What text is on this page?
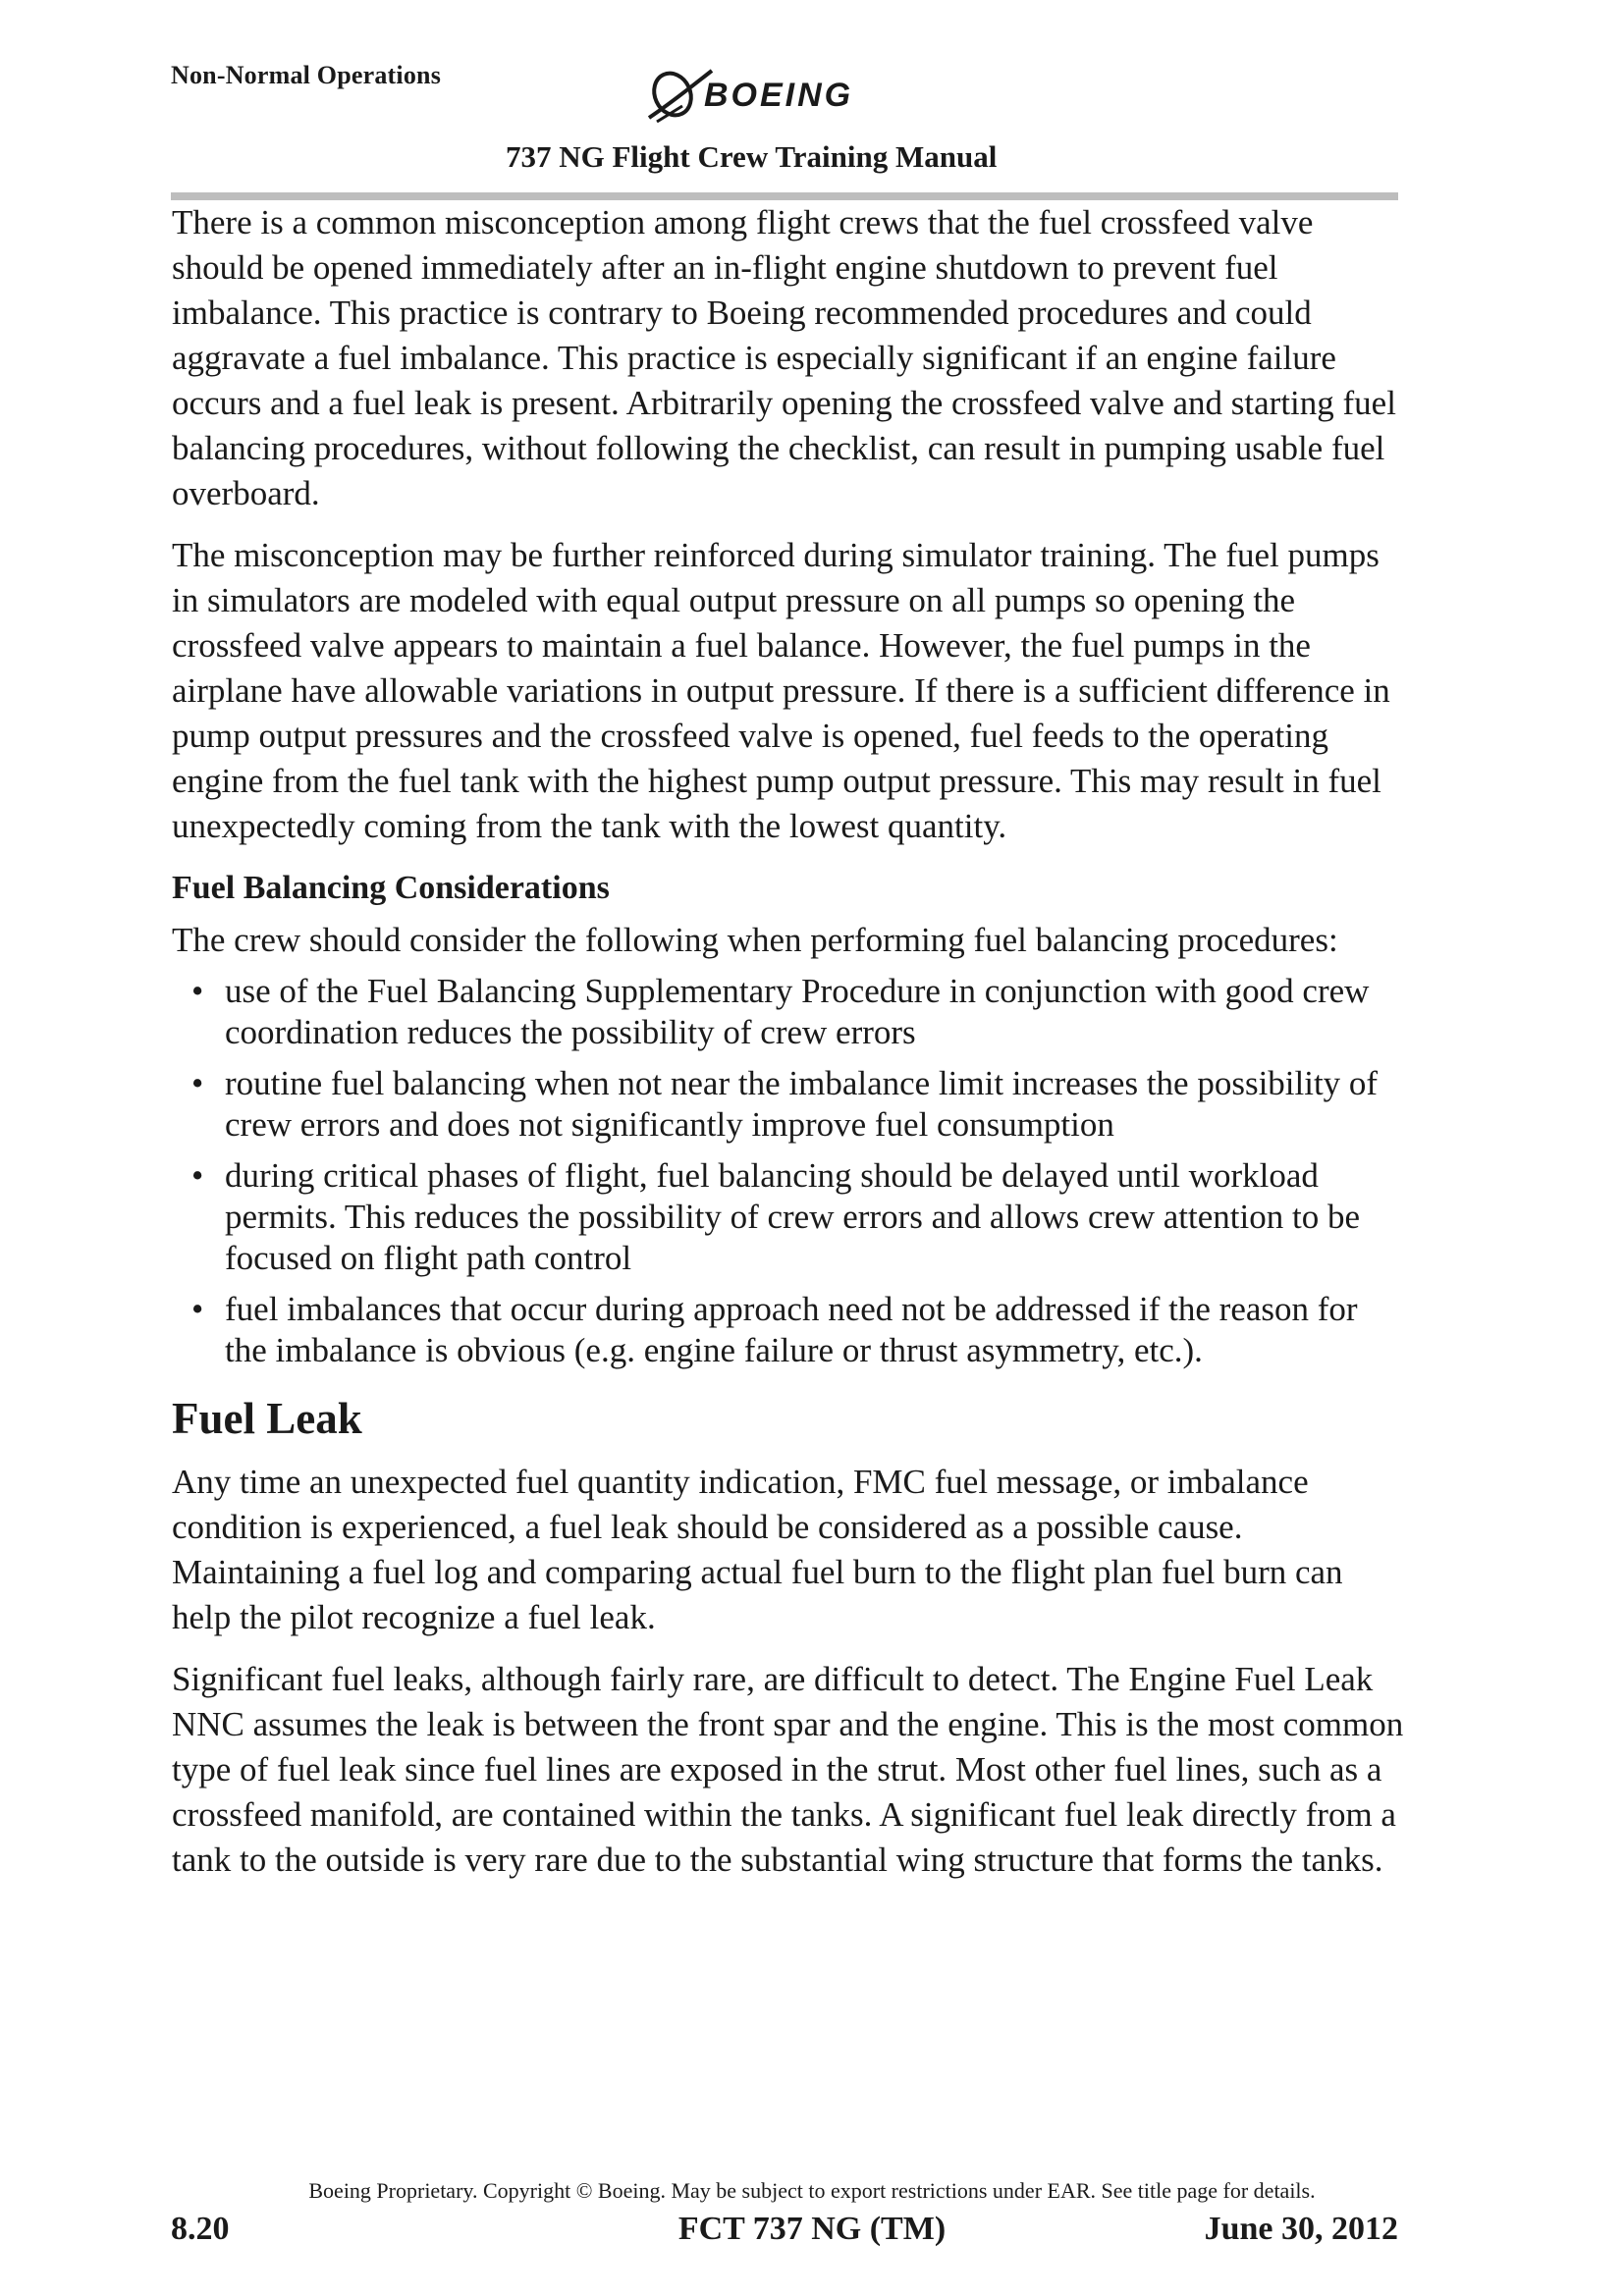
Non-Normal Operations
BOEING
737 NG Flight Crew Training Manual

There is a common misconception among flight crews that the fuel crossfeed valve should be opened immediately after an in-flight engine shutdown to prevent fuel imbalance. This practice is contrary to Boeing recommended procedures and could aggravate a fuel imbalance. This practice is especially significant if an engine failure occurs and a fuel leak is present. Arbitrarily opening the crossfeed valve and starting fuel balancing procedures, without following the checklist, can result in pumping usable fuel overboard.

The misconception may be further reinforced during simulator training. The fuel pumps in simulators are modeled with equal output pressure on all pumps so opening the crossfeed valve appears to maintain a fuel balance. However, the fuel pumps in the airplane have allowable variations in output pressure. If there is a sufficient difference in pump output pressures and the crossfeed valve is opened, fuel feeds to the operating engine from the fuel tank with the highest pump output pressure. This may result in fuel unexpectedly coming from the tank with the lowest quantity.

Fuel Balancing Considerations

The crew should consider the following when performing fuel balancing procedures:

• use of the Fuel Balancing Supplementary Procedure in conjunction with good crew coordination reduces the possibility of crew errors
• routine fuel balancing when not near the imbalance limit increases the possibility of crew errors and does not significantly improve fuel consumption
• during critical phases of flight, fuel balancing should be delayed until workload permits. This reduces the possibility of crew errors and allows crew attention to be focused on flight path control
• fuel imbalances that occur during approach need not be addressed if the reason for the imbalance is obvious (e.g. engine failure or thrust asymmetry, etc.).
Fuel Leak

Any time an unexpected fuel quantity indication, FMC fuel message, or imbalance condition is experienced, a fuel leak should be considered as a possible cause. Maintaining a fuel log and comparing actual fuel burn to the flight plan fuel burn can help the pilot recognize a fuel leak.

Significant fuel leaks, although fairly rare, are difficult to detect. The Engine Fuel Leak NNC assumes the leak is between the front spar and the engine. This is the most common type of fuel leak since fuel lines are exposed in the strut. Most other fuel lines, such as a crossfeed manifold, are contained within the tanks. A significant fuel leak directly from a tank to the outside is very rare due to the substantial wing structure that forms the tanks.

Boeing Proprietary. Copyright © Boeing. May be subject to export restrictions under EAR. See title page for details.
8.20	FCT 737 NG (TM)	June 30, 2012
